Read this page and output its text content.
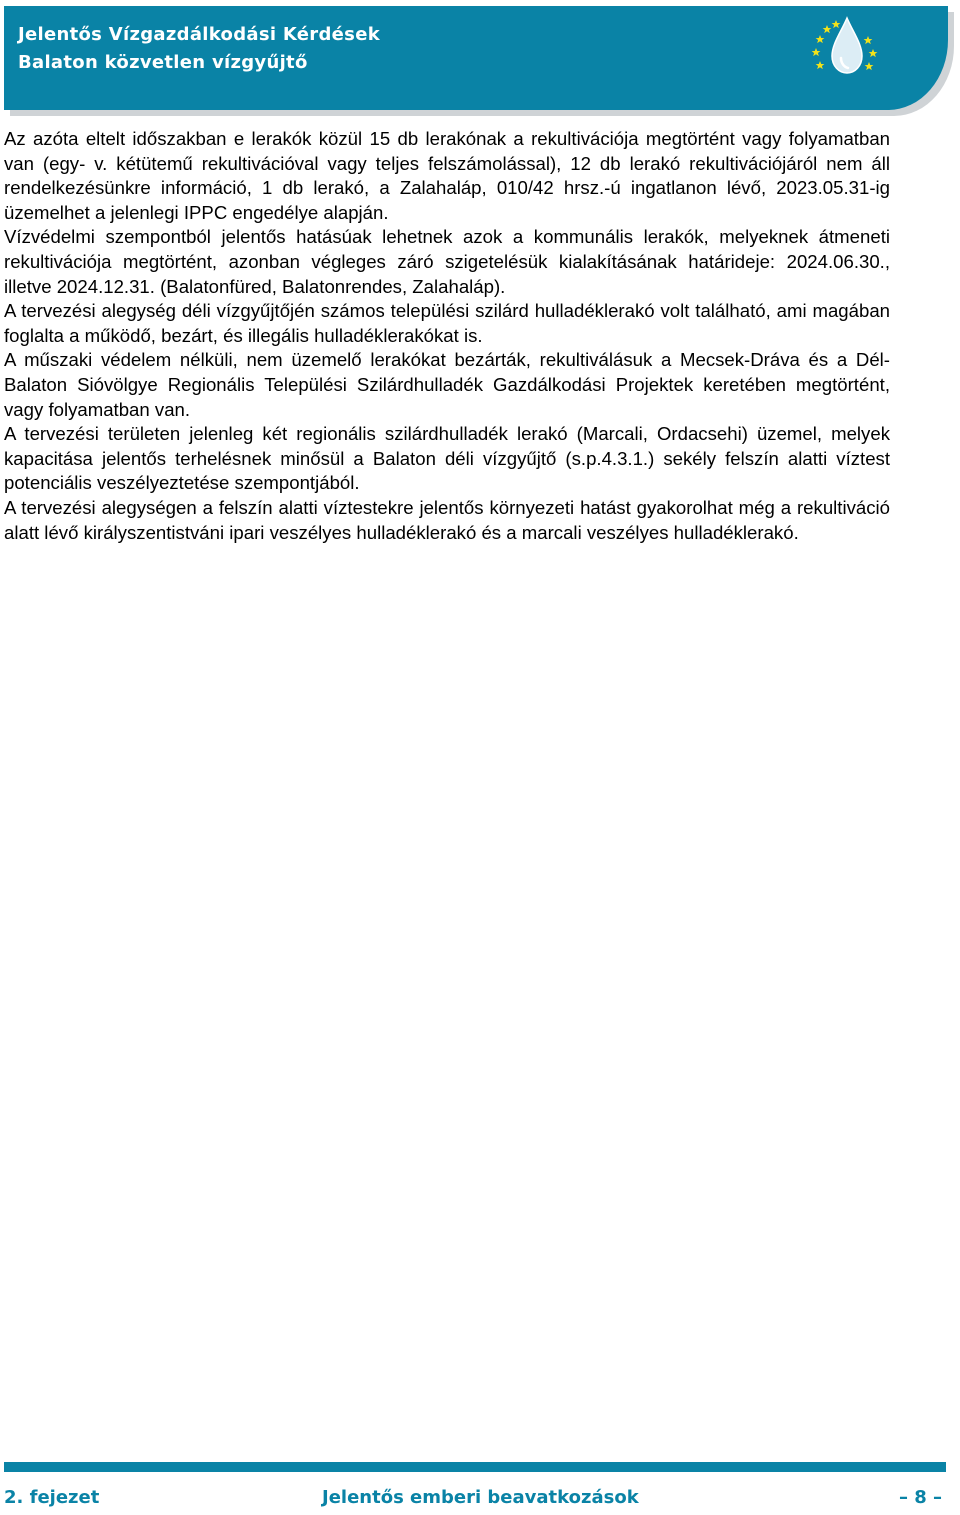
Jelentős Vízgazdálkodási Kérdések
Balaton közvetlen vízgyűjtő

Az azóta eltelt időszakban e lerakók közül 15 db lerakónak a rekultivációja megtörtént vagy folyamatban van (egy- v. kétütemű rekultivációval vagy teljes felszámolással), 12 db lerakó rekultivációjáról nem áll rendelkezésünkre információ, 1 db lerakó, a Zalahaláp, 010/42 hrsz.-ú ingatlanon lévő, 2023.05.31-ig üzemelhet a jelenlegi IPPC engedélye alapján.

Vízvédelmi szempontból jelentős hatásúak lehetnek azok a kommunális lerakók, melyeknek átmeneti rekultivációja megtörtént, azonban végleges záró szigetelésük kialakításának határideje: 2024.06.30., illetve 2024.12.31. (Balatonfüred, Balatonrendes, Zalahaláp).

A tervezési alegység déli vízgyűjtőjén számos települési szilárd hulladéklerakó volt található, ami magában foglalta a működő, bezárt, és illegális hulladéklerakókat is.

A műszaki védelem nélküli, nem üzemelő lerakókat bezárták, rekultiválásuk a Mecsek-Dráva és a Dél-Balaton Sióvölgye Regionális Települési Szilárdhulladék Gazdálkodási Projektek keretében megtörtént, vagy folyamatban van.

A tervezési területen jelenleg két regionális szilárdhulladék lerakó (Marcali, Ordacsehi) üzemel, melyek kapacitása jelentős terhelésnek minősül a Balaton déli vízgyűjtő (s.p.4.3.1.) sekély felszín alatti víztest potenciális veszélyeztetése szempontjából.

A tervezési alegységen a felszín alatti víztestekre jelentős környezeti hatást gyakorolhat még a rekultiváció alatt lévő királyszentistváni ipari veszélyes hulladéklerakó és a marcali veszélyes hulladéklerakó.

2. fejezet	Jelentős emberi beavatkozások	– 8 –
